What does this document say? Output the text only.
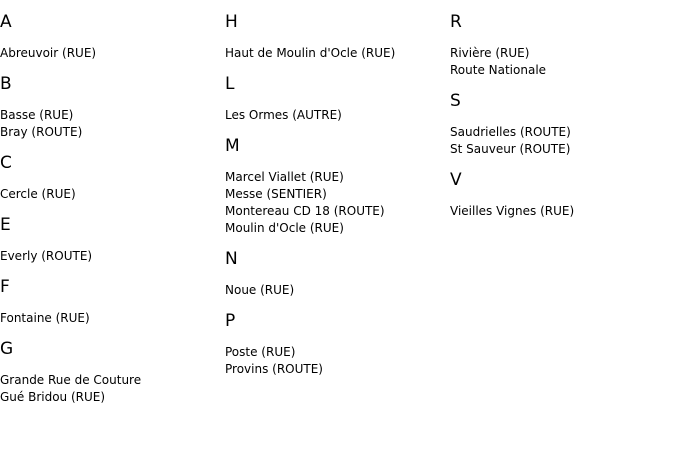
A
Abreuvoir (RUE)
B
Basse (RUE)
Bray (ROUTE)
C
Cercle (RUE)
E
Everly (ROUTE)
F
Fontaine (RUE)
G
Grande Rue de Couture
Gué Bridou (RUE)
H
Haut de Moulin d'Ocle (RUE)
L
Les Ormes (AUTRE)
M
Marcel Viallet (RUE)
Messe (SENTIER)
Montereau CD 18 (ROUTE)
Moulin d'Ocle (RUE)
N
Noue (RUE)
P
Poste (RUE)
Provins (ROUTE)
R
Rivière (RUE)
Route Nationale
S
Saudrielles (ROUTE)
St Sauveur (ROUTE)
V
Vieilles Vignes (RUE)
